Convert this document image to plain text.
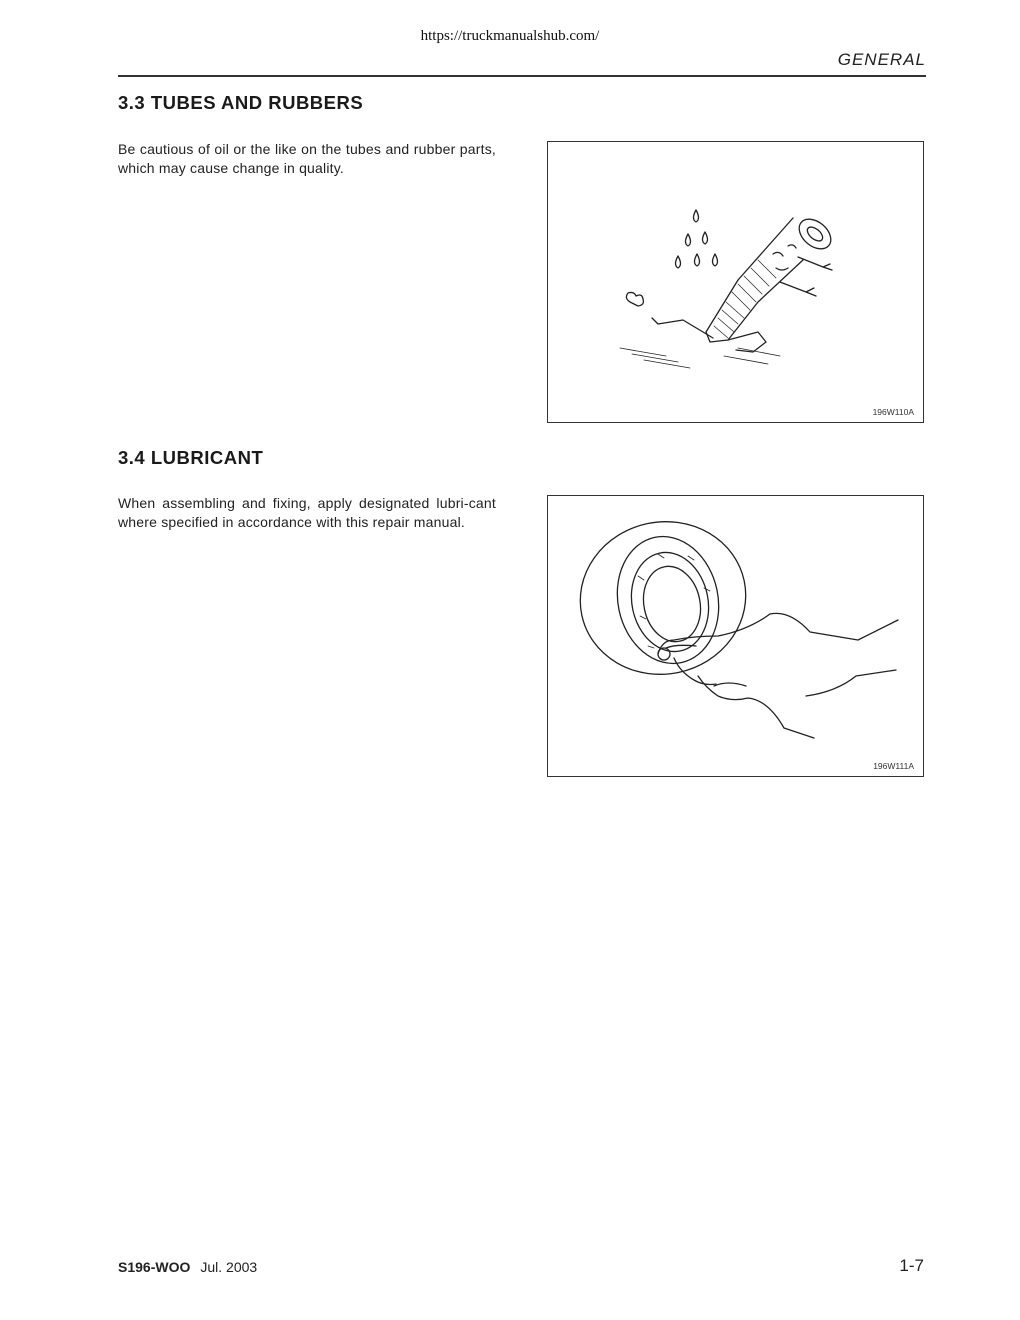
https://truckmanualshub.com/
GENERAL
3.3 TUBES AND RUBBERS

Be cautious of oil or the like on the tubes and rubber parts, which may cause change in quality.

196W110A
3.4 LUBRICANT

When assembling and fixing, apply designated lubri-cant where specified in accordance with this repair manual.

196W111A
S196-WOO Jul. 2003	1-7
